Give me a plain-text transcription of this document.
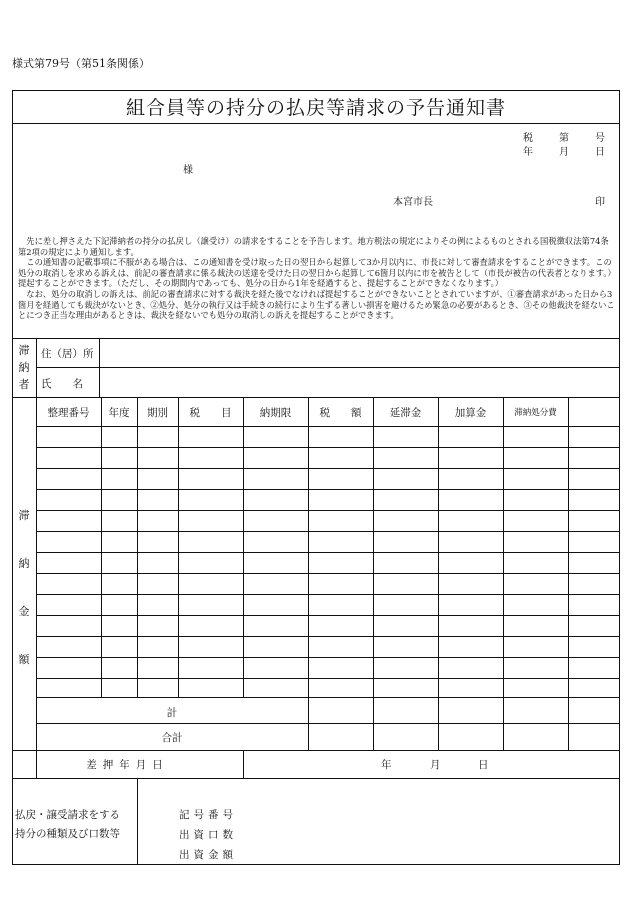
様式第79号（第51条関係）
組合員等の持分の払戻等請求の予告通知書
税	第	号
年	月	日
様
本宮市長	印
　先に差し押さえた下記滞納者の持分の払戻し（譲受け）の請求をすることを予告します。地方税法の規定によりその例によるものとされる国税徴収法第74条第2項の規定により通知します。
　この通知書の記載事項に不服がある場合は、この通知書を受け取った日の翌日から起算して3か月以内に、市長に対して審査請求をすることができます。この処分の取消しを求める訴えは、前記の審査請求に係る裁決の送達を受けた日の翌日から起算して6箇月以内に市を被告として（市長が被告の代表者となります。）提起することができます。（ただし、その期間内であっても、処分の日から1年を経過すると、提起することができなくなります。）
　なお、処分の取消しの訴えは、前記の審査請求に対する裁決を経た後でなければ提起することができないこととされていますが、①審査請求があった日から3箇月を経過しても裁決がないとき、②処分、処分の執行又は手続きの続行により生ずる著しい損害を避けるため緊急の必要があるとき、③その他裁決を経ないことにつき正当な理由があるときは、裁決を経ないでも処分の取消しの訴えを提起することができます。
滞
納
者
住（居）所
氏　　名
滞
納
金
額
整理番号	年度	期別	税　　目	納期限	税　　額	延滞金	加算金	滞納処分費
計
合計
差押年月日	年	月	日
払戻・譲受請求をする
持分の種類及び口数等
記号番号
出資口数
出資金額
